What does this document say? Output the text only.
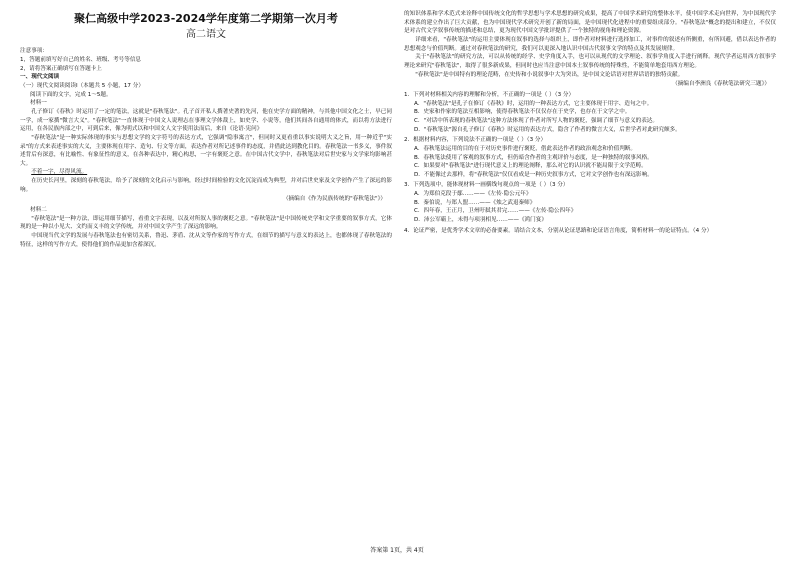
聚仁高级中学2023-2024学年度第二学期第一次月考
高二语文
注意事项：
1，答题前填写好自己的姓名、班级、考号等信息
2，请将答案正确填写在答题卡上
一、现代文阅读
（一）现代文阅读阅读Ⅰ（本题共 5 小题，17 分）
阅读下面的文字，完成 1～5题。
材料一

孔子修订《春秋》时运用了一定的笔法，这就是"春秋笔法"。孔子首开私人撰著史著的先河，他在史学方面的精神，与其他中国文化之士，早已同一学，成一家撰"微言大义"。"春秋笔法"一直体现于中国文人说理志在事理文学体裁上，如史学、小说等，他们其间各自通用的体式，而以将方法进行运用，在各民族内部之中，可到后来，像为明式以和中国文人文字使用法而后，来自《论语·宪问》

"春秋笔法"是一种实际体现的事实与思想文学的文字符号的表达方式，它强调"隐事寓言"，但同时又更看重以事实说明大义之旨，用一种近乎"实录"的方式来表述事实的大义，主要体现在用字、造句、行文等方面，表达作者对所记述事件的态度，并借此达到教化目的。春秋笔法一书多义，事件叙述背后有深意，有比喻性、有象征性的意义，在各种表达中，精心构思，一字有褒贬之意。在中国古代文学中，春秋笔法对后世史家与文学家均影响甚大。

不着一字，尽得风流。

在历史长河里，深刻的春秋笔法，给予了深刻的文化启示与影响，经过时间检验的文化沉淀而成为典型，并对后世史家及文学创作产生了深远的影响。

（摘编自《作为民族传统的"春秋笔法"》）
材料二

"春秋笔法"是一种方法，即运用细节描写，看重文字表现，以及对所叙人事的褒贬之意。"春秋笔法"是中国传统史学和文学重要的叙事方式，它体现的是一种以小见大、文约而义丰的文学传统，并对中国文学产生了深远的影响。

中国现当代文学的发展与春秋笔法也有密切关系，鲁迅、茅盾、沈从文等作家的写作方式，在细节的描写与意义的表达上，也都体现了春秋笔法的特征，这样的写作方式，使得他们的作品更加含蓄深沉。

的知识体系和学术范式来诠释中国传统文化的哲学思想与学术思想的研究成果，提高了中国学术研究的整体水平，使中国学术走向世界，为中国现代学术体系的建立作出了巨大贡献，也为中国现代学术研究开创了新的局面，是中国现代化进程中的重要组成部分。"春秋笔法"概念的提出和建立，不仅仅是对古代文学叙事传统的描述和总结，更为现代中国文学批评提供了一个独特的视角和理论资源。

详细来看，"春秋笔法"的运用主要体现在叙事的选择与组织上，即作者对材料进行选择加工，对事件的叙述有所侧重，有所回避，借以表达作者的思想观念与价值判断。通过对春秋笔法的研究，我们可以更深入地认识中国古代叙事文学的特点及其发展规律。

关于"春秋笔法"的研究方法，可以从传统的经学、史学角度入手，也可以从现代的文学理论、叙事学角度入手进行阐释。现代学者运用西方叙事学理论来研究"春秋笔法"，取得了很多新成果，但同时也应当注意中国本土叙事传统的特殊性，不能简单地套用西方理论。

"春秋笔法"是中国特有的理论范畴，在史传和小说叙事中大为突出，是中国文论话语对世界话语的独特贡献。

（摘编自李洲良《春秋笔法研究三题》）
1．下列对材料相关内容的理解和分析，不正确的一项是（ ）（3 分）
A．"春秋笔法"是孔子在修订《春秋》时，运用的一种表达方式，它主要体现于用字、造句之中。
B．史家和作家的笔法互相影响，使得春秋笔法不仅仅存在于史学，也存在于文学之中。
C．"对话中所表现的春秋笔法"这种方法体现了作者对所写人物的褒贬，强调了细节与意义的表达。
D．"春秋笔法"源自孔子修订《春秋》时运用的表达方式，隐含了作者的微言大义，后世学者对此研究颇多。
2．根据材料内容，下列说法不正确的一项是（ ）（3 分）
A．春秋笔法运用的目的在于对历史事件进行褒贬，借此表达作者的政治观念和价值判断。
B．春秋笔法使用了客观的叙事方式，但仍暗含作者的主观评价与态度，是一种独特的叙事风格。
C．如果要对"春秋笔法"进行现代意义上的理论阐释，那么对它的认识就不能局限于文学范畴。
D．不能像过去那样，将"春秋笔法"仅仅看成是一种历史叙事方式，它对文学创作也有深远影响。
3．下列选项中，能体现材料一画横线句观点的一项是（ ）（3 分）
A．为郑伯克段于鄢……——《左传·隐公元年》
B．秦伯说，与郑人盟……——《烛之武退秦师》
C．四年春，王正月，卫州吁弑其君完……——《左传·隐公四年》
D．沛公军霸上，未得与项羽相见……——《鸿门宴》
4．论证严密，是优秀学术文章的必备要素。请结合文本，分别从论证思路和论证语言角度，简析材料一的论证特点。（4 分）
答案第 1页，共 4页
